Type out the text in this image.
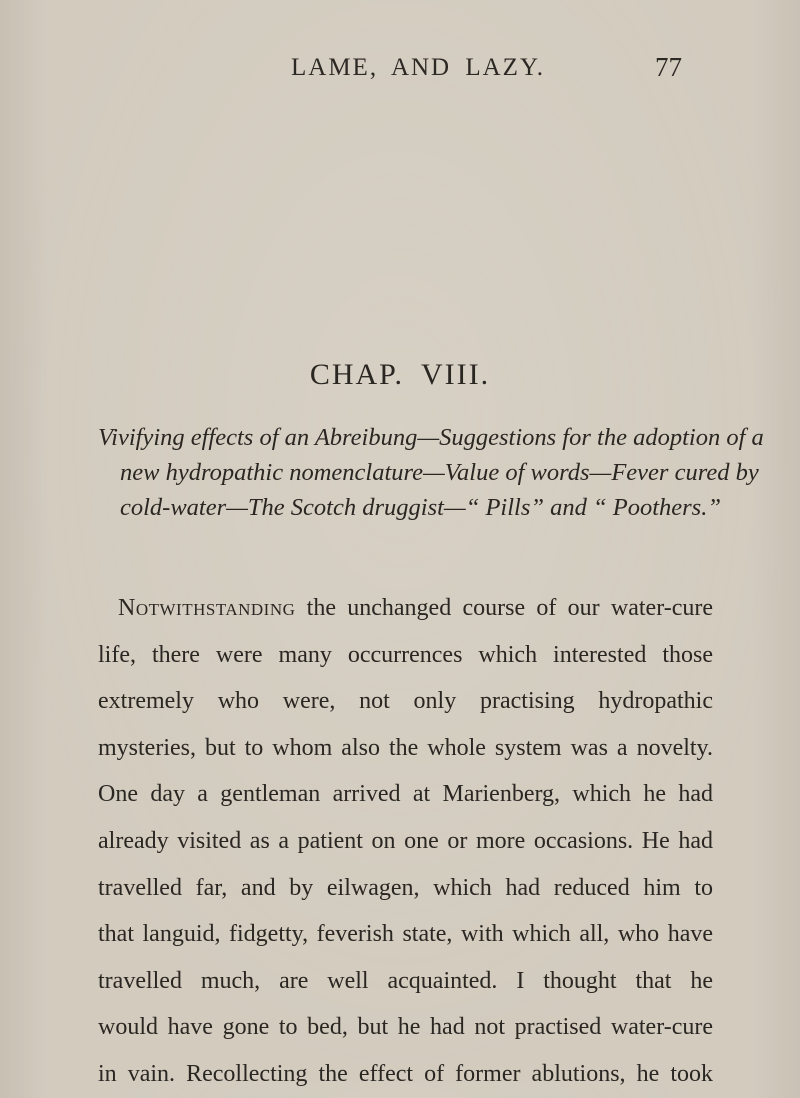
LAME, AND LAZY.	77
CHAP. VIII.
Vivifying effects of an Abreibung—Suggestions for the adoption of a
new hydropathic nomenclature—Value of words—Fever cured by
cold-water—The Scotch druggist—“ Pills” and “ Poothers.”
Notwithstanding the unchanged course of our water-cure
life, there were many occurrences which interested those
extremely who were, not only practising hydropathic
mysteries, but to whom also the whole system was a novelty.
One day a gentleman arrived at Marienberg, which he had
already visited as a patient on one or more occasions. He had
travelled far, and by eilwagen, which had reduced him to
that languid, fidgetty, feverish state, with which all, who have
travelled much, are well acquainted. I thought that he
would have gone to bed, but he had not practised water-cure
in vain. Recollecting the effect of former ablutions, he took
